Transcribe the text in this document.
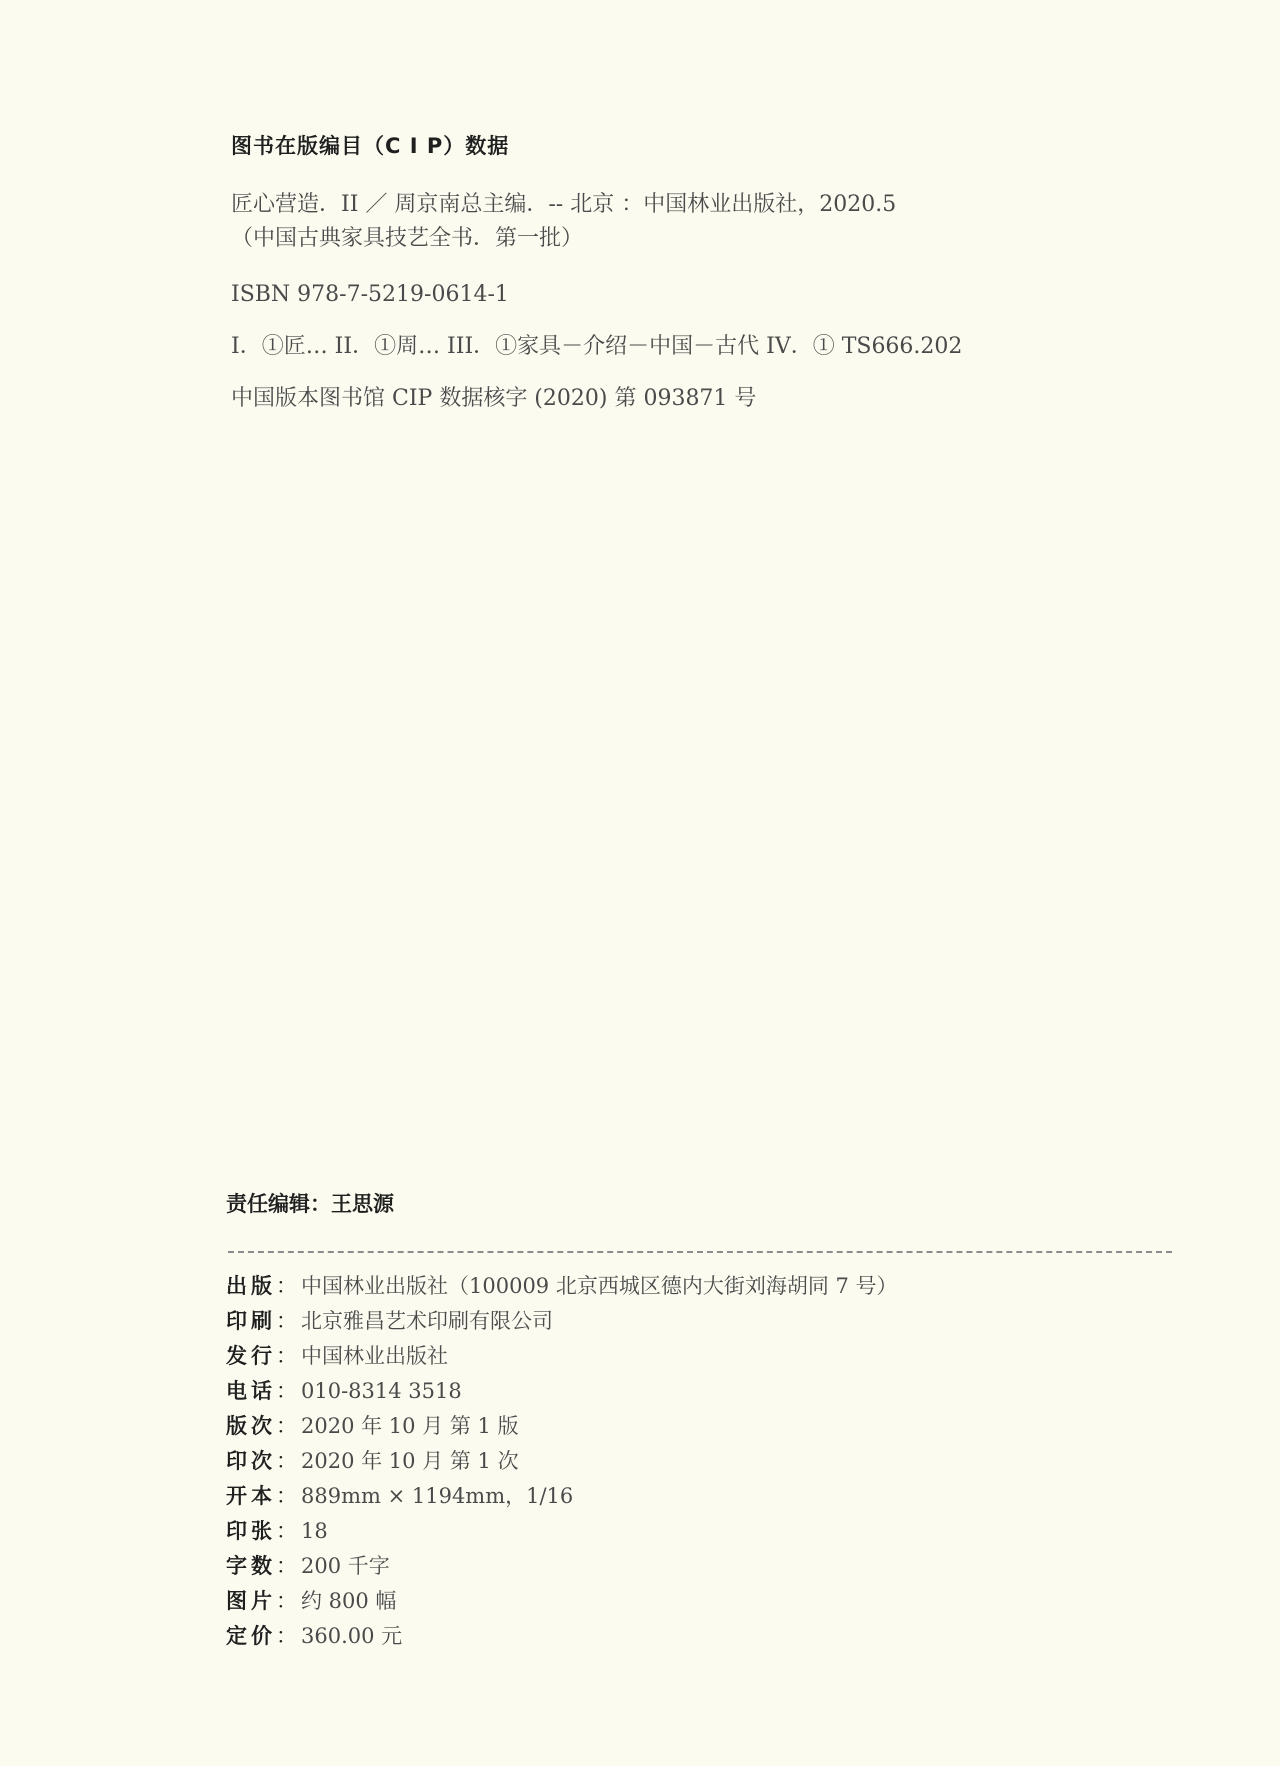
图书在版编目（C I P）数据

匠心营造．II ／ 周京南总主编．-- 北京 ：中国林业出版社，2020.5

（中国古典家具技艺全书．第一批）

ISBN 978-7-5219-0614-1

I．①匠… II．①周… III．①家具－介绍－中国－古代 IV．① TS666.202

中国版本图书馆 CIP 数据核字 (2020) 第 093871 号

责任编辑：王思源
出版 ： 中国林业出版社（100009 北京西城区德内大街刘海胡同 7 号）
印刷 ： 北京雅昌艺术印刷有限公司
发行 ： 中国林业出版社
电话 ： 010-8314 3518
版次 ： 2020 年 10 月 第 1 版
印次 ： 2020 年 10 月 第 1 次
开本 ： 889mm × 1194mm，1/16
印张 ： 18
字数 ： 200 千字
图片 ： 约 800 幅
定价 ： 360.00 元
